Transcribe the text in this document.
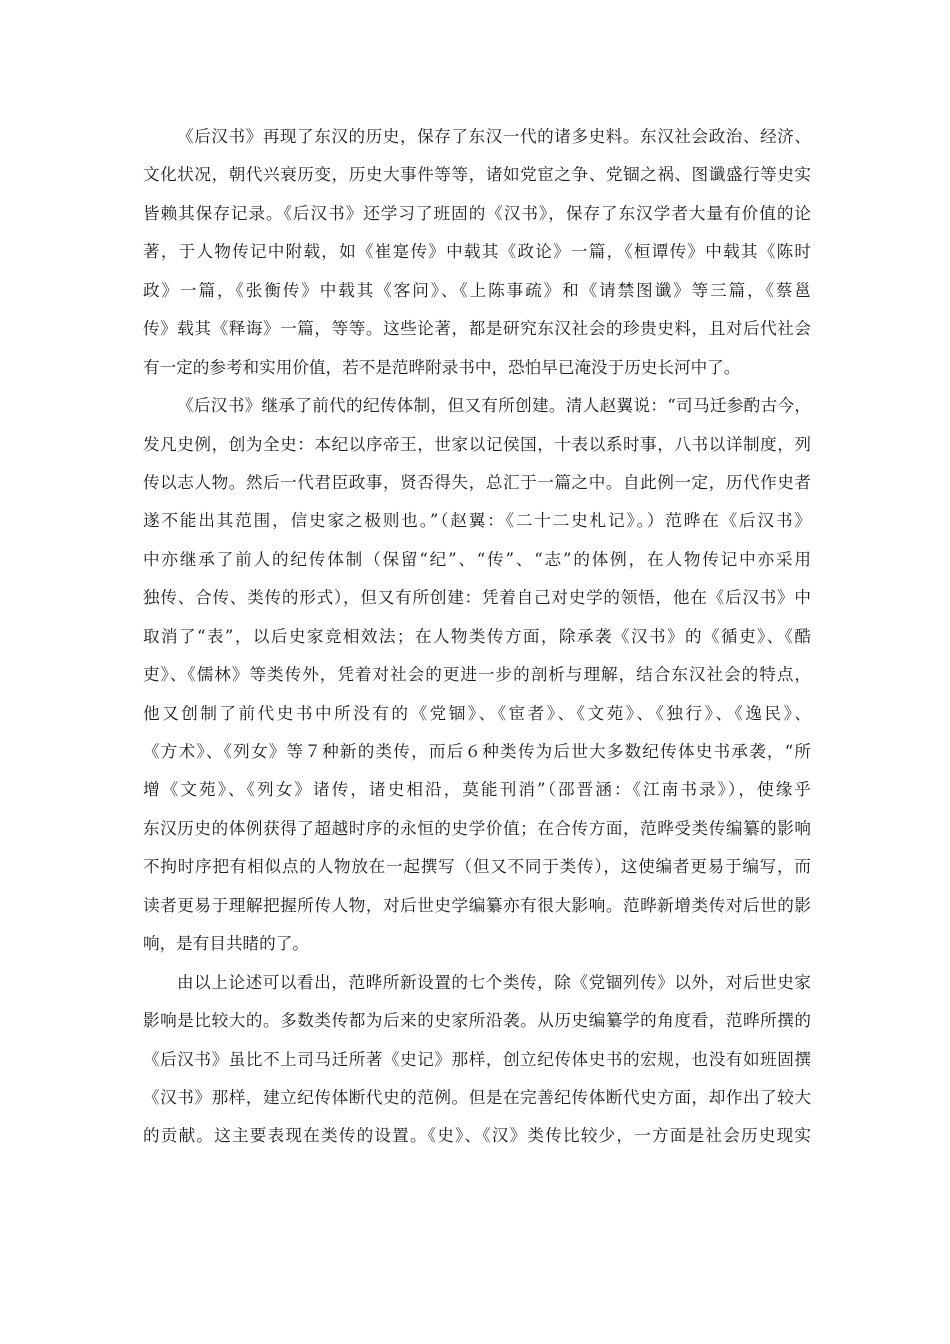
《后汉书》再现了东汉的历史，保存了东汉一代的诸多史料。东汉社会政治、经济、
文化状况，朝代兴衰历变，历史大事件等等，诸如党宦之争、党锢之祸、图谶盛行等史实
皆赖其保存记录。《后汉书》还学习了班固的《汉书》，保存了东汉学者大量有价值的论
著，于人物传记中附载，如《崔寔传》中载其《政论》一篇，《桓谭传》中载其《陈时
政》一篇，《张衡传》中载其《客问》、《上陈事疏》和《请禁图谶》等三篇，《蔡邕
传》载其《释诲》一篇，等等。这些论著，都是研究东汉社会的珍贵史料，且对后代社会
有一定的参考和实用价值，若不是范晔附录书中，恐怕早已淹没于历史长河中了。
《后汉书》继承了前代的纪传体制，但又有所创建。清人赵翼说：“司马迁参酌古今，
发凡史例，创为全史：本纪以序帝王，世家以记侯国，十表以系时事，八书以详制度，列
传以志人物。然后一代君臣政事，贤否得失，总汇于一篇之中。自此例一定，历代作史者
遂不能出其范围，信史家之极则也。”（赵翼：《二十二史札记》。）范晔在《后汉书》
中亦继承了前人的纪传体制（保留“纪”、“传”、“志”的体例，在人物传记中亦采用
独传、合传、类传的形式），但又有所创建：凭着自己对史学的领悟，他在《后汉书》中
取消了“表”，以后史家竞相效法；在人物类传方面，除承袭《汉书》的《循吏》、《酷
吏》、《儒林》等类传外，凭着对社会的更进一步的剖析与理解，结合东汉社会的特点，
他又创制了前代史书中所没有的《党锢》、《宦者》、《文苑》、《独行》、《逸民》、
《方术》、《列女》等７种新的类传，而后６种类传为后世大多数纪传体史书承袭，“所
增《文苑》、《列女》诸传，诸史相沿，莫能刊消”（邵晋涵：《江南书录》），使缘乎
东汉历史的体例获得了超越时序的永恒的史学价值；在合传方面，范晔受类传编纂的影响
不拘时序把有相似点的人物放在一起撰写（但又不同于类传），这使编者更易于编写，而
读者更易于理解把握所传人物，对后世史学编纂亦有很大影响。范晔新增类传对后世的影
响，是有目共睹的了。
由以上论述可以看出，范晔所新设置的七个类传，除《党锢列传》以外，对后世史家
影响是比较大的。多数类传都为后来的史家所沿袭。从历史编纂学的角度看，范晔所撰的
《后汉书》虽比不上司马迁所著《史记》那样，创立纪传体史书的宏规，也没有如班固撰
《汉书》那样，建立纪传体断代史的范例。但是在完善纪传体断代史方面，却作出了较大
的贡献。这主要表现在类传的设置。《史》、《汉》类传比较少，一方面是社会历史现实
